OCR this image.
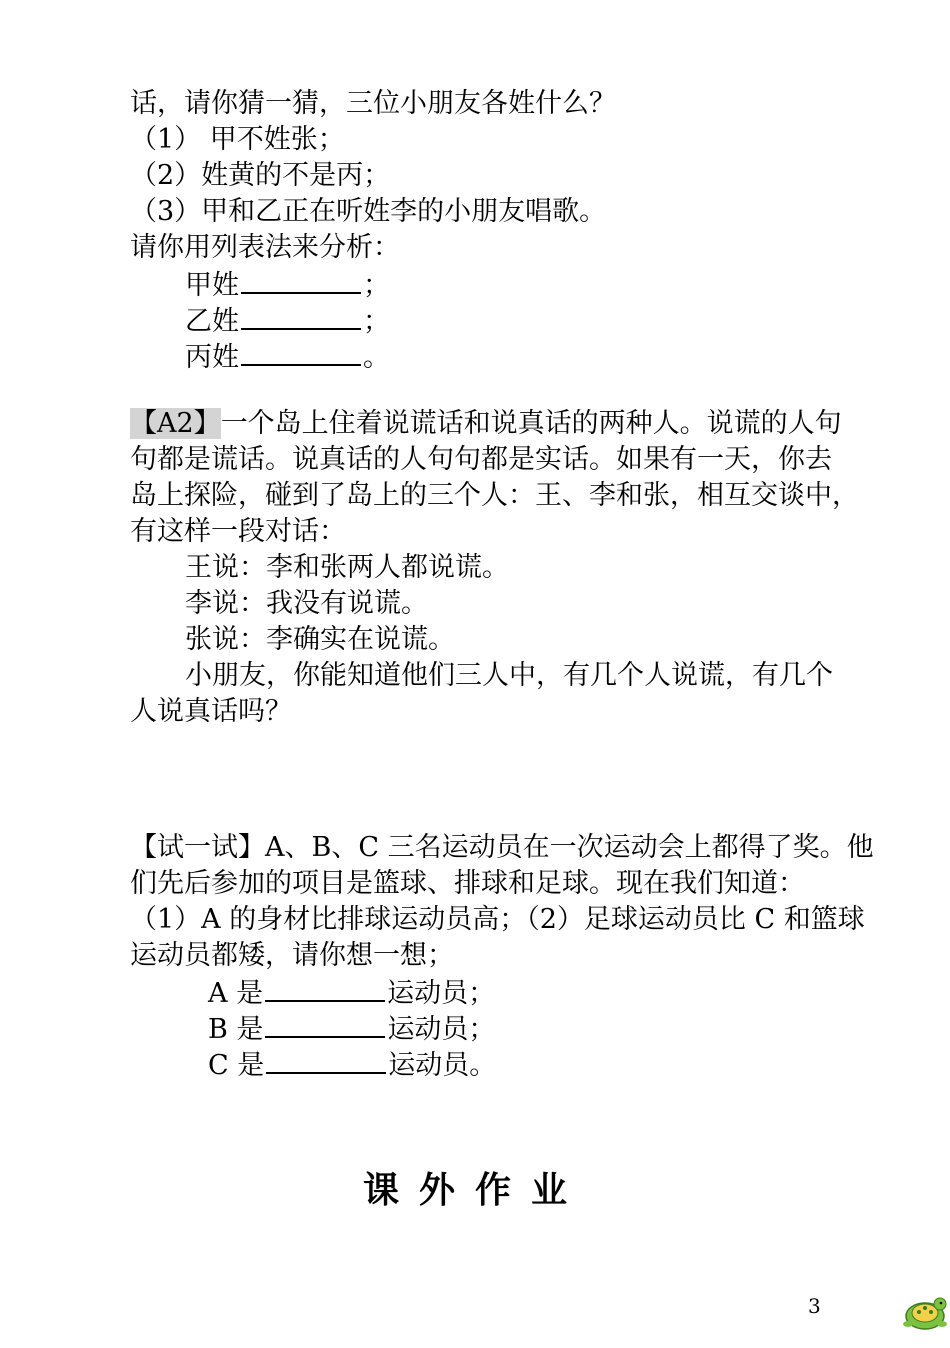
话，请你猜一猜，三位小朋友各姓什么？
（1） 甲不姓张；
（2）姓黄的不是丙；
（3）甲和乙正在听姓李的小朋友唱歌。
请你用列表法来分析：
甲姓	；
乙姓	；
丙姓	。
【A2】一个岛上住着说谎话和说真话的两种人。说谎的人句
句都是谎话。说真话的人句句都是实话。如果有一天，你去
岛上探险，碰到了岛上的三个人：王、李和张，相互交谈中，
有这样一段对话：
王说：李和张两人都说谎。
李说：我没有说谎。
张说：李确实在说谎。
小朋友，你能知道他们三人中，有几个人说谎，有几个
人说真话吗？
【试一试】A、B、C 三名运动员在一次运动会上都得了奖。他
们先后参加的项目是篮球、排球和足球。现在我们知道：
（1）A 的身材比排球运动员高；（2）足球运动员比 C 和篮球
运动员都矮，请你想一想；
A 是	运动员；
B 是	运动员；
C 是	运动员。
课外作业
3
